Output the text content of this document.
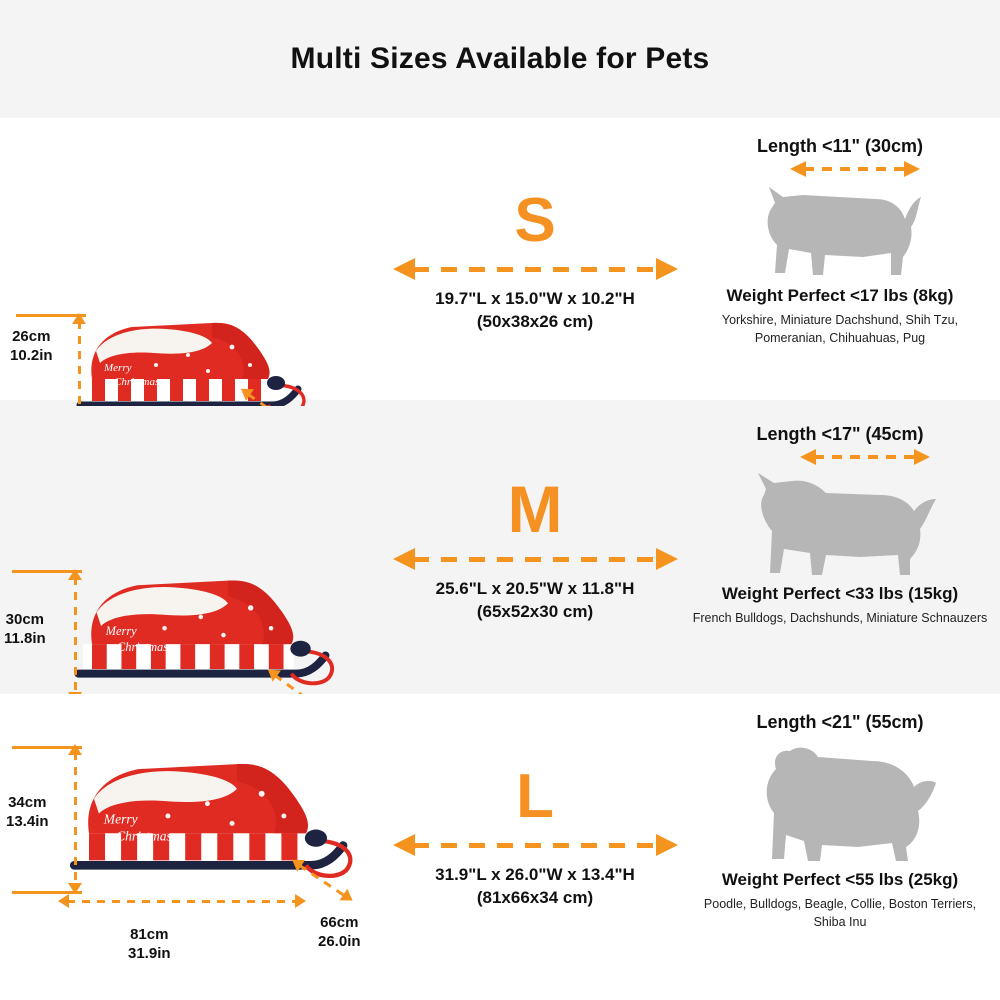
Multi Sizes Available for Pets
Merry
Christmas
26cm
10.2in

S
19.7"L x 15.0"W x 10.2"H
(50x38x26 cm)
Length <11" (30cm)
Weight Perfect <17 lbs (8kg)
Yorkshire, Miniature Dachshund, Shih Tzu, Pomeranian, Chihuahuas, Pug
Merry
Christmas
30cm
11.8in

M
25.6"L x 20.5"W x 11.8"H
(65x52x30 cm)
Length <17" (45cm)
Weight Perfect <33 lbs (15kg)
French Bulldogs, Dachshunds, Miniature Schnauzers
Merry
Christmas
34cm
13.4in
81cm
31.9in
66cm
26.0in
L
31.9"L x 26.0"W x 13.4"H
(81x66x34 cm)
Length <21" (55cm)
Weight Perfect <55 lbs (25kg)
Poodle, Bulldogs, Beagle, Collie, Boston Terriers, Shiba Inu
